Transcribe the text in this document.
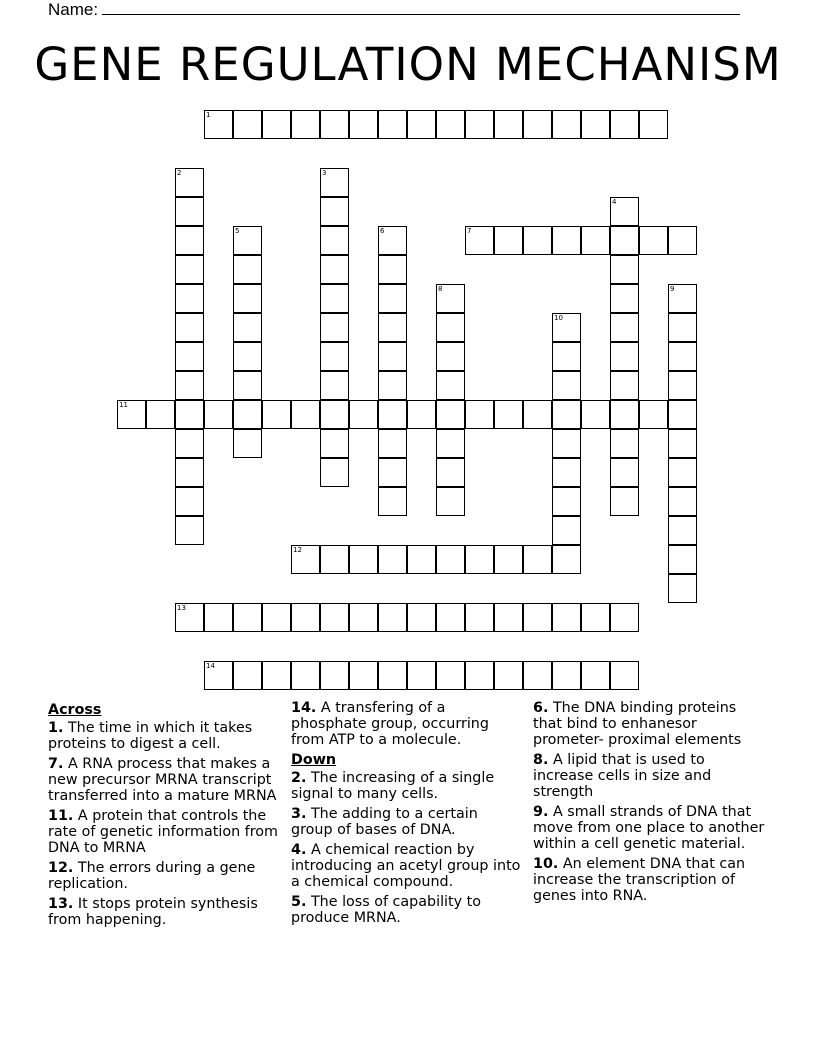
Name:
GENE REGULATION MECHANISM
1
2	3
4
5	6	7
8	9
10
11
12
13
14
Across
1. The time in which it takes proteins to digest a cell.
7. A RNA process that makes a new precursor MRNA transcript transferred into a mature MRNA
11. A protein that controls the rate of genetic information from DNA to MRNA
12. The errors during a gene replication.
13. It stops protein synthesis from happening.
14. A transfering of a phosphate group, occurring from ATP to a molecule.
Down
2. The increasing of a single signal to many cells.
3. The adding to a certain group of bases of DNA.
4. A chemical reaction by introducing an acetyl group into a chemical compound.
5. The loss of capability to produce MRNA.
6. The DNA binding proteins that bind to enhanesor prometer- proximal elements
8. A lipid that is used to increase cells in size and strength
9. A small strands of DNA that move from one place to another within a cell genetic material.
10. An element DNA that can increase the transcription of genes into RNA.
